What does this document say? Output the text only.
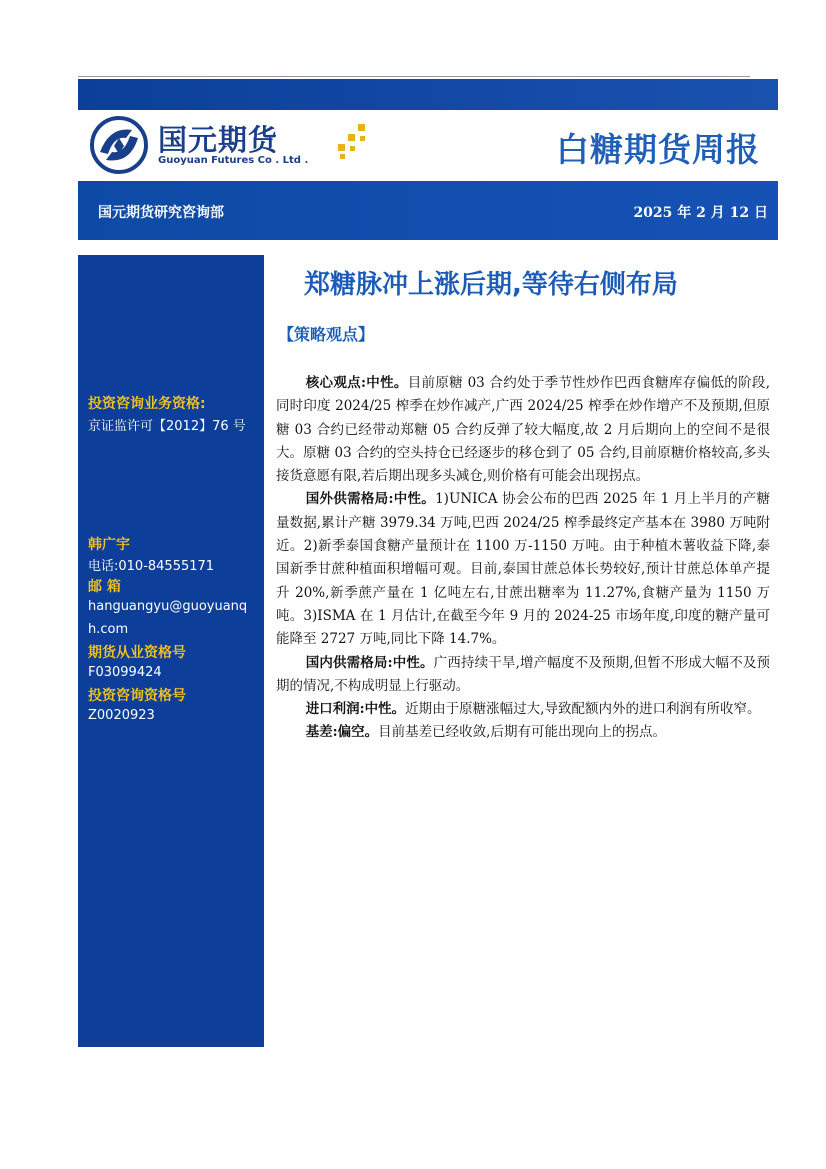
国元期货
Guoyuan Futures Co . Ltd .	白糖期货周报
国元期货研究咨询部	2025 年 2 月 12 日
投资咨询业务资格:
京证监许可【2012】76 号
韩广宇
电话:010-84555171
邮 箱
hanguangyu@guoyuanq
h.com
期货从业资格号
F03099424
投资咨询资格号
Z0020923
郑糖脉冲上涨后期,等待右侧布局
【策略观点】

核心观点:中性。目前原糖 03 合约处于季节性炒作巴西食糖库存偏低的阶段,同时印度 2024/25 榨季在炒作减产,广西 2024/25 榨季在炒作增产不及预期,但原糖 03 合约已经带动郑糖 05 合约反弹了较大幅度,故 2 月后期向上的空间不是很大。原糖 03 合约的空头持仓已经逐步的移仓到了 05 合约,目前原糖价格较高,多头接货意愿有限,若后期出现多头减仓,则价格有可能会出现拐点。

国外供需格局:中性。1)UNICA 协会公布的巴西 2025 年 1 月上半月的产糖量数据,累计产糖 3979.34 万吨,巴西 2024/25 榨季最终定产基本在 3980 万吨附近。2)新季泰国食糖产量预计在 1100 万-1150 万吨。由于种植木薯收益下降,泰国新季甘蔗种植面积增幅可观。目前,泰国甘蔗总体长势较好,预计甘蔗总体单产提升 20%,新季蔗产量在 1 亿吨左右,甘蔗出糖率为 11.27%,食糖产量为 1150 万吨。3)ISMA 在 1 月估计,在截至今年 9 月的 2024-25 市场年度,印度的糖产量可能降至 2727 万吨,同比下降 14.7%。

国内供需格局:中性。广西持续干旱,增产幅度不及预期,但暂不形成大幅不及预期的情况,不构成明显上行驱动。

进口利润:中性。近期由于原糖涨幅过大,导致配额内外的进口利润有所收窄。

基差:偏空。目前基差已经收敛,后期有可能出现向上的拐点。
